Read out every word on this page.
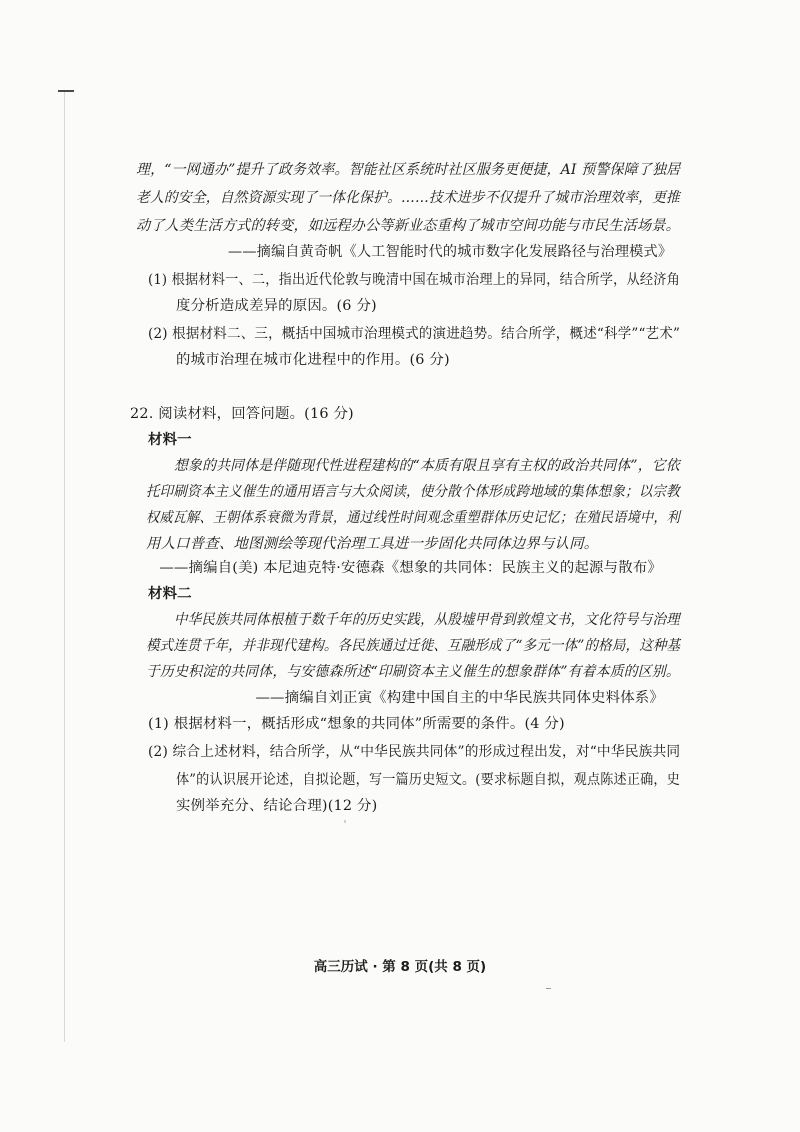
理，“一网通办”提升了政务效率。智能社区系统时社区服务更便捷，AI 预警保障了独居
老人的安全，自然资源实现了一体化保护。……技术进步不仅提升了城市治理效率，更推
动了人类生活方式的转变，如远程办公等新业态重构了城市空间功能与市民生活场景。
——摘编自黄奇帆《人工智能时代的城市数字化发展路径与治理模式》
(1) 根据材料一、二，指出近代伦敦与晚清中国在城市治理上的异同，结合所学，从经济角
度分析造成差异的原因。(6 分)
(2) 根据材料二、三，概括中国城市治理模式的演进趋势。结合所学，概述“科学”“艺术”
的城市治理在城市化进程中的作用。(6 分)
22. 阅读材料，回答问题。(16 分)
材料一
想象的共同体是伴随现代性进程建构的“本质有限且享有主权的政治共同体”，它依
托印刷资本主义催生的通用语言与大众阅读，使分散个体形成跨地域的集体想象；以宗教
权威瓦解、王朝体系衰微为背景，通过线性时间观念重塑群体历史记忆；在殖民语境中，利
用人口普查、地图测绘等现代治理工具进一步固化共同体边界与认同。
——摘编自(美) 本尼迪克特·安德森《想象的共同体：民族主义的起源与散布》
材料二
中华民族共同体根植于数千年的历史实践，从殷墟甲骨到敦煌文书，文化符号与治理
模式连贯千年，并非现代建构。各民族通过迁徙、互融形成了“多元一体”的格局，这种基
于历史积淀的共同体，与安德森所述“印刷资本主义催生的想象群体”有着本质的区别。
——摘编自刘正寅《构建中国自主的中华民族共同体史料体系》
(1) 根据材料一，概括形成“想象的共同体”所需要的条件。(4 分)
(2) 综合上述材料，结合所学，从“中华民族共同体”的形成过程出发，对“中华民族共同
体”的认识展开论述，自拟论题，写一篇历史短文。(要求标题自拟，观点陈述正确，史
实例举充分、结论合理)(12 分)
高三历试 · 第 8 页(共 8 页)
